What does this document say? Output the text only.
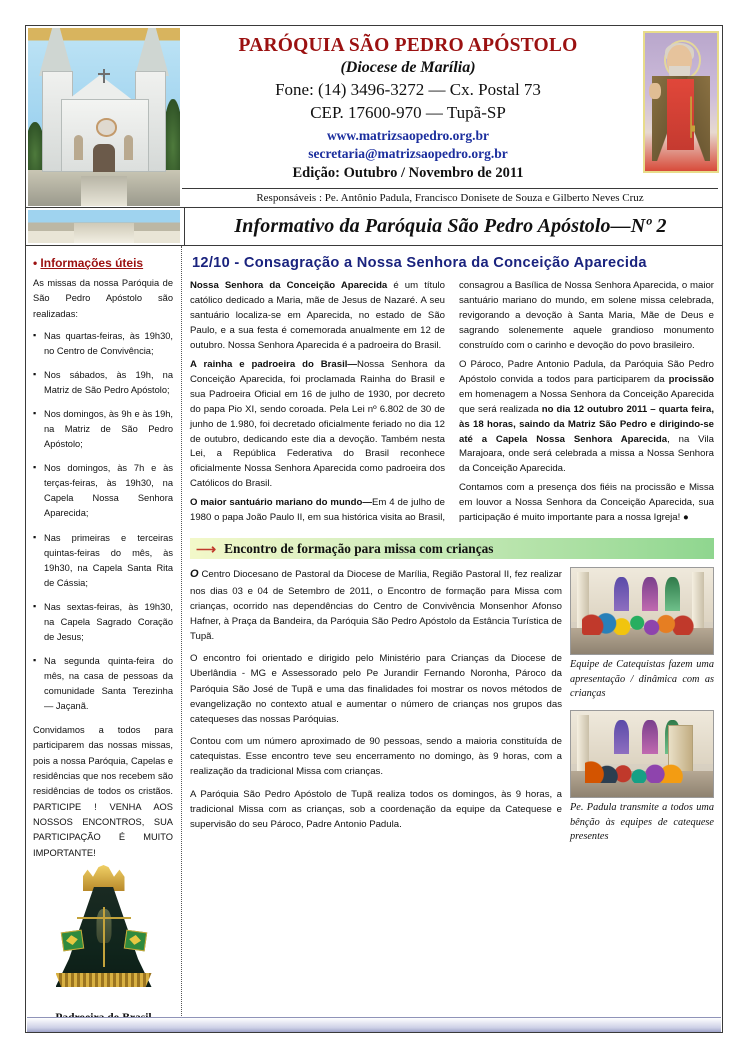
PARÓQUIA SÃO PEDRO APÓSTOLO
(Diocese de Marília)
Fone: (14) 3496-3272 — Cx. Postal 73
CEP. 17600-970 — Tupã-SP
www.matrizsaopedro.org.br
secretaria@matrizsaopedro.org.br
Edição: Outubro / Novembro de 2011
Responsáveis : Pe. Antônio Padula, Francisco Donisete de Souza e Gilberto Neves Cruz
Informativo da Paróquia São Pedro Apóstolo—Nº 2
• Informações úteis

As missas da nossa Paróquia de São Pedro Apóstolo são realizadas:

▪ Nas quartas-feiras, às 19h30, no Centro de Convivência;
▪ Nos sábados, às 19h, na Matriz de São Pedro Apóstolo;
▪ Nos domingos, às 9h e às 19h, na Matriz de São Pedro Apóstolo;
▪ Nos domingos, às 7h e às terças-feiras, às 19h30, na Capela Nossa Senhora Aparecida;
▪ Nas primeiras e terceiras quintas-feiras do mês, às 19h30, na Capela Santa Rita de Cássia;
▪ Nas sextas-feiras, às 19h30, na Capela Sagrado Coração de Jesus;
▪ Na segunda quinta-feira do mês, na casa de pessoas da comunidade Santa Terezinha — Jaçanã.

Convidamos a todos para participarem das nossas missas, pois a nossa Paróquia, Capelas e residências que nos recebem são residências de todos os cristãos. PARTICIPE ! VENHA AOS NOSSOS ENCONTROS, SUA PARTICIPAÇÃO É MUITO IMPORTANTE!

12/10 - Consagração a Nossa Senhora da Conceição Aparecida

Nossa Senhora da Conceição Aparecida é um título católico dedicado a Maria, mãe de Jesus de Nazaré. A seu santuário localiza-se em Aparecida, no estado de São Paulo, e a sua festa é comemorada anualmente em 12 de outubro. Nossa Senhora Aparecida é a padroeira do Brasil.

A rainha e padroeira do Brasil—Nossa Senhora da Conceição Aparecida, foi proclamada Rainha do Brasil e sua Padroeira Oficial em 16 de julho de 1930, por decreto do papa Pio XI, sendo coroada. Pela Lei nº 6.802 de 30 de junho de 1.980, foi decretado oficialmente feriado no dia 12 de outubro, dedicando este dia a devoção. Também nesta Lei, a República Federativa do Brasil reconhece oficialmente Nossa Senhora Aparecida como padroeira dos Católicos do Brasil.

O maior santuário mariano do mundo—Em 4 de julho de 1980 o papa João Paulo II, em sua histórica visita ao Brasil, consagrou a Basílica de Nossa Senhora Aparecida, o maior santuário mariano do mundo, em solene missa celebrada, revigorando a devoção à Santa Maria, Mãe de Deus e sagrando solenemente aquele grandioso monumento construído com o carinho e devoção do povo brasileiro.

O Pároco, Padre Antonio Padula, da Paróquia São Pedro Apóstolo convida a todos para participarem da procissão em homenagem a Nossa Senhora da Conceição Aparecida que será realizada no dia 12 outubro 2011 – quarta feira, às 18 horas, saindo da Matriz São Pedro e dirigindo-se até a Capela Nossa Senhora Aparecida, na Vila Marajoara, onde será celebrada a missa a Nossa Senhora da Conceição Aparecida.

Contamos com a presença dos fiéis na procissão e Missa em louvor a Nossa Senhora da Conceição Aparecida, sua participação é muito importante para a nossa Igreja! ●

⟶ Encontro de formação para missa com crianças
Equipe de Catequistas fazem uma apresentação / dinâmica com as crianças
Pe. Padula transmite a todos uma bênção às equipes de catequese presentes

O Centro Diocesano de Pastoral da Diocese de Marília, Região Pastoral II, fez realizar nos dias 03 e 04 de Setembro de 2011, o Encontro de formação para Missa com crianças, ocorrido nas dependências do Centro de Convivência Monsenhor Afonso Hafner, à Praça da Bandeira, da Paróquia São Pedro Apóstolo da Estância Turística de Tupã.

O encontro foi orientado e dirigido pelo Ministério para Crianças da Diocese de Uberlândia - MG e Assessorado pelo Pe Jurandir Fernando Noronha, Pároco da Paróquia São José de Tupã e uma das finalidades foi mostrar os novos métodos de evangelização no contexto atual e aumentar o número de crianças nos grupos das catequeses das nossas Paróquias.

Contou com um número aproximado de 90 pessoas, sendo a maioria constituída de catequistas. Esse encontro teve seu encerramento no domingo, às 9 horas, com a realização da tradicional Missa com crianças.

A Paróquia São Pedro Apóstolo de Tupã realiza todos os domingos, às 9 horas, a tradicional Missa com as crianças, sob a coordenação da equipe da Catequese e supervisão do seu Pároco, Padre Antonio Padula.
